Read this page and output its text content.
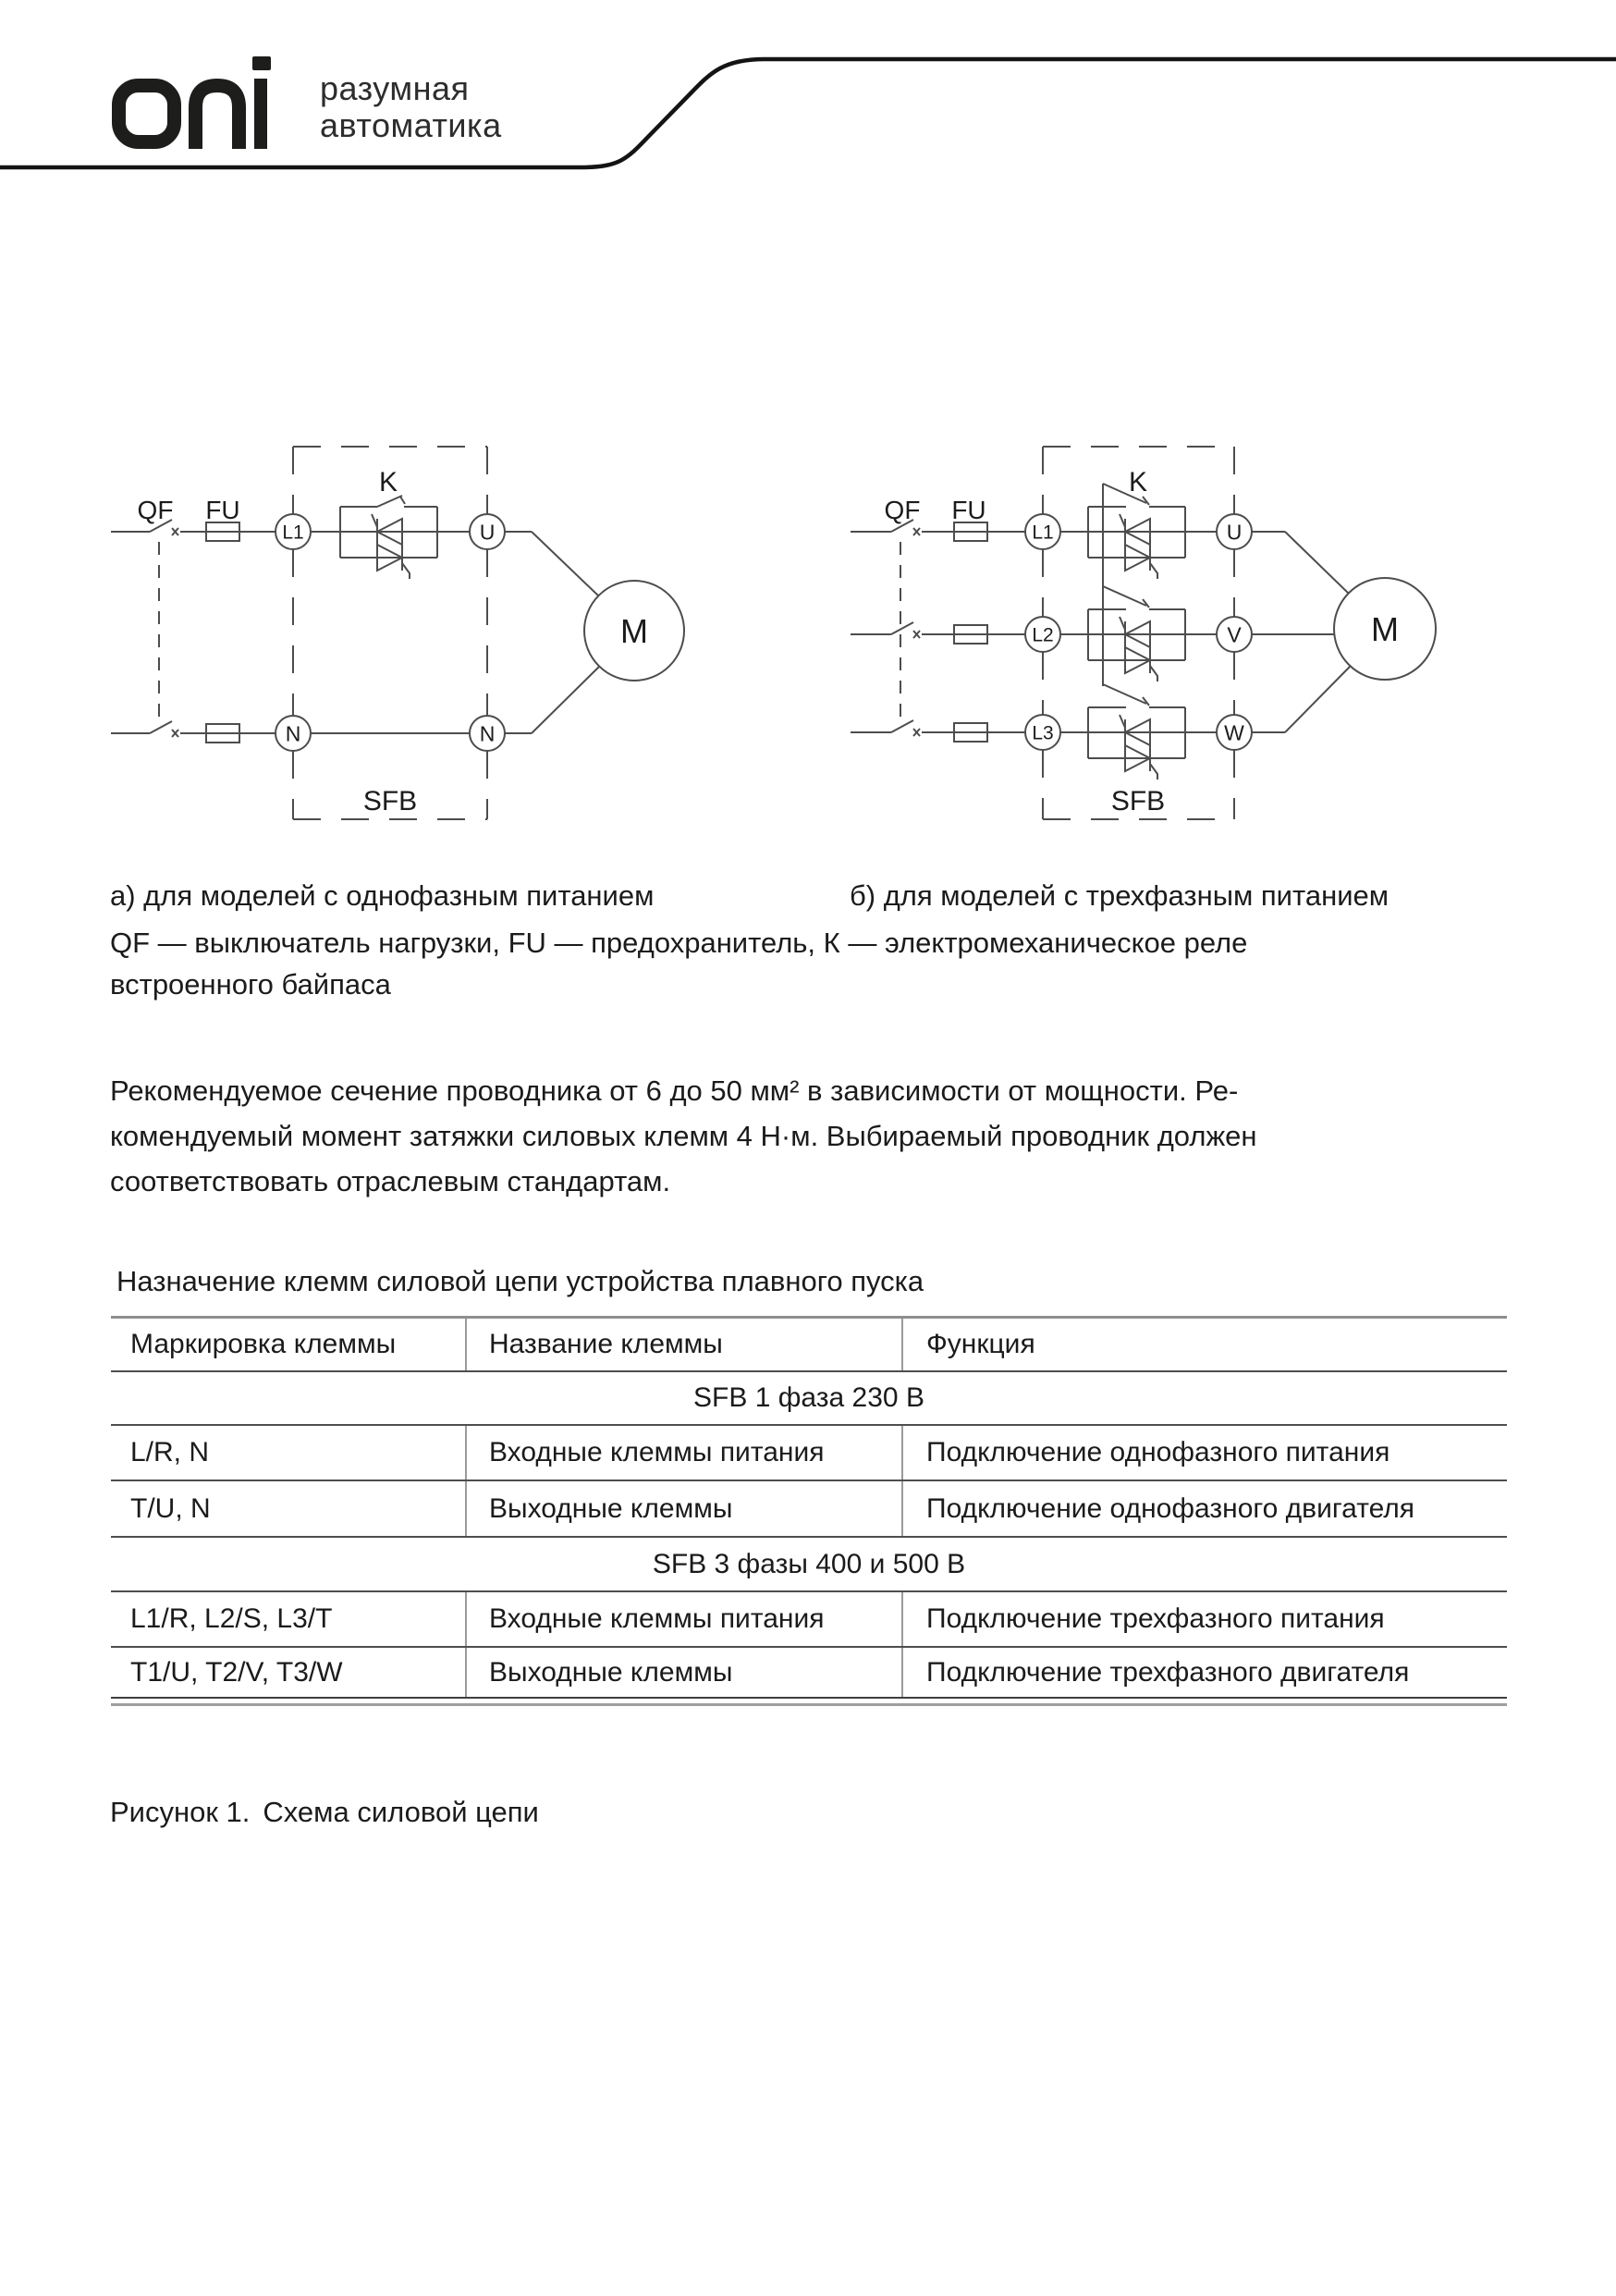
разумная
автоматика
L1
N
U
N
QF FU
K
SFB
M
L1	U
L2	V
L3	W
QF FU
K
SFB
M
а) для моделей с однофазным питанием	б) для моделей с трехфазным питанием
QF — выключатель нагрузки, FU — предохранитель, К — электромеханическое реле
встроенного байпаса
Рекомендуемое сечение проводника от 6 до 50 мм² в зависимости от мощности. Ре-
комендуемый момент затяжки силовых клемм 4 Н·м. Выбираемый проводник должен
соответствовать отраслевым стандартам.
Назначение клемм силовой цепи устройства плавного пуска
Маркировка клеммы	Название клеммы	Функция
SFB 1 фаза 230 В
L/R, N	Входные клеммы питания	Подключение однофазного питания
T/U, N	Выходные клеммы	Подключение однофазного двигателя
SFB 3 фазы 400 и 500 В
L1/R, L2/S, L3/T	Входные клеммы питания	Подключение трехфазного питания
T1/U, T2/V, T3/W	Выходные клеммы	Подключение трехфазного двигателя
Рисунок 1. Схема силовой цепи
